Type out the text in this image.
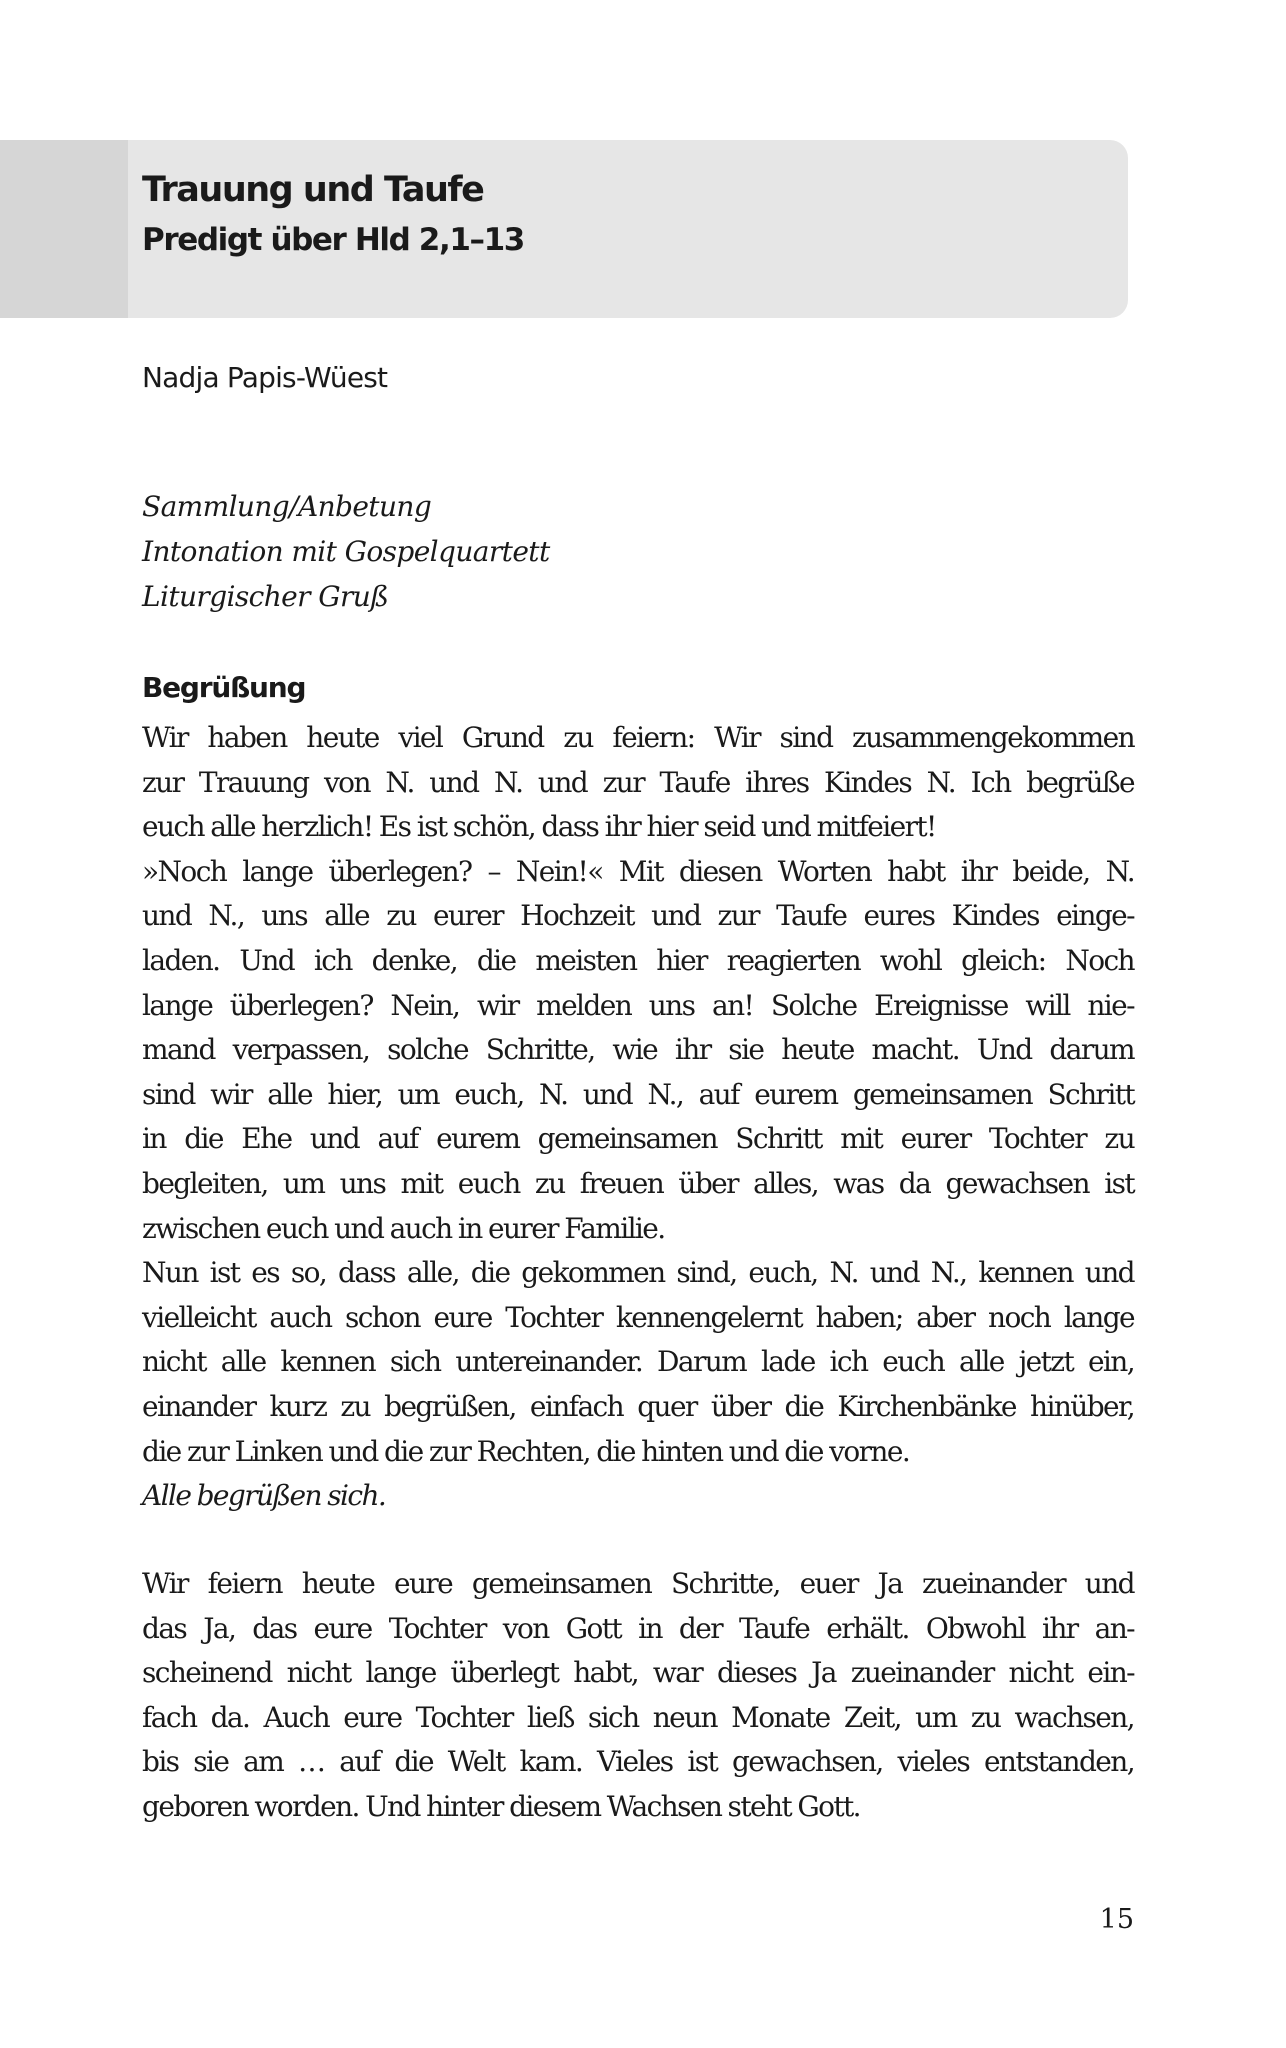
Trauung und Taufe
Predigt über Hld 2,1–13

Nadja Papis-Wüest

Sammlung/Anbetung
Intonation mit Gospelquartett
Liturgischer Gruß
Begrüßung
Wir haben heute viel Grund zu feiern: Wir sind zusammengekommen
zur Trauung von N. und N. und zur Taufe ihres Kindes N. Ich begrüße
euch alle herzlich! Es ist schön, dass ihr hier seid und mitfeiert!
»Noch lange überlegen? – Nein!« Mit diesen Worten habt ihr beide, N.
und N., uns alle zu eurer Hochzeit und zur Taufe eures Kindes einge-
laden. Und ich denke, die meisten hier reagierten wohl gleich: Noch
lange überlegen? Nein, wir melden uns an! Solche Ereignisse will nie-
mand verpassen, solche Schritte, wie ihr sie heute macht. Und darum
sind wir alle hier, um euch, N. und N., auf eurem gemeinsamen Schritt
in die Ehe und auf eurem gemeinsamen Schritt mit eurer Tochter zu
begleiten, um uns mit euch zu freuen über alles, was da gewachsen ist
zwischen euch und auch in eurer Familie.
Nun ist es so, dass alle, die gekommen sind, euch, N. und N., kennen und
vielleicht auch schon eure Tochter kennengelernt haben; aber noch lange
nicht alle kennen sich untereinander. Darum lade ich euch alle jetzt ein,
einander kurz zu begrüßen, einfach quer über die Kirchenbänke hinüber,
die zur Linken und die zur Rechten, die hinten und die vorne.
Alle begrüßen sich.
Wir feiern heute eure gemeinsamen Schritte, euer Ja zueinander und
das Ja, das eure Tochter von Gott in der Taufe erhält. Obwohl ihr an-
scheinend nicht lange überlegt habt, war dieses Ja zueinander nicht ein-
fach da. Auch eure Tochter ließ sich neun Monate Zeit, um zu wachsen,
bis sie am … auf die Welt kam. Vieles ist gewachsen, vieles entstanden,
geboren worden. Und hinter diesem Wachsen steht Gott.

15
